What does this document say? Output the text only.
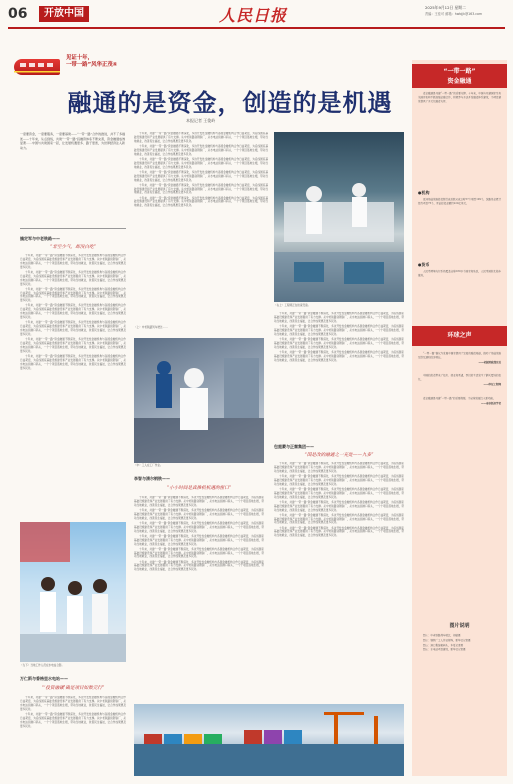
06	开放中国	人民日报	2025年9月12日 星期二
责编：王佳可 邮箱：hwbjjk@163.com
见证十年，
一带一路”风华正茂④
融通的是资金，创造的是机遇
本报记者 王俊岭
一度要资金，一度要服务，一度要基建——“一带一路”合作的推进，并不了多描述——十年来，从点到线，共建“一带一路”投融资体系不断完善，资金融通成效显著……中国与共建国家一起，让发展机遇更多、路子更宽，为世界经济注入新动力。
搞定军与中老铁路——
“非空少气，却没白吃”

十年来，共建“一带一路”资金融通不断深化，多边开发性金融机构与各国金融机构合作日益紧密，为沿线国家基础设施建设和产业发展提供了有力支撑。从中老铁路到钢铁厂，从水电站到港口码头，一个个项目落地生根，带动当地就业，改善民生福祉，让合作成果惠及更多民众。

十年来，共建“一带一路”资金融通不断深化，多边开发性金融机构与各国金融机构合作日益紧密，为沿线国家基础设施建设和产业发展提供了有力支撑。从中老铁路到钢铁厂，从水电站到港口码头，一个个项目落地生根，带动当地就业，改善民生福祉，让合作成果惠及更多民众。

十年来，共建“一带一路”资金融通不断深化，多边开发性金融机构与各国金融机构合作日益紧密，为沿线国家基础设施建设和产业发展提供了有力支撑。从中老铁路到钢铁厂，从水电站到港口码头，一个个项目落地生根，带动当地就业，改善民生福祉，让合作成果惠及更多民众。

十年来，共建“一带一路”资金融通不断深化，多边开发性金融机构与各国金融机构合作日益紧密，为沿线国家基础设施建设和产业发展提供了有力支撑。从中老铁路到钢铁厂，从水电站到港口码头，一个个项目落地生根，带动当地就业，改善民生福祉，让合作成果惠及更多民众。

十年来，共建“一带一路”资金融通不断深化，多边开发性金融机构与各国金融机构合作日益紧密，为沿线国家基础设施建设和产业发展提供了有力支撑。从中老铁路到钢铁厂，从水电站到港口码头，一个个项目落地生根，带动当地就业，改善民生福祉，让合作成果惠及更多民众。

十年来，共建“一带一路”资金融通不断深化，多边开发性金融机构与各国金融机构合作日益紧密，为沿线国家基础设施建设和产业发展提供了有力支撑。从中老铁路到钢铁厂，从水电站到港口码头，一个个项目落地生根，带动当地就业，改善民生福祉，让合作成果惠及更多民众。

十年来，共建“一带一路”资金融通不断深化，多边开发性金融机构与各国金融机构合作日益紧密，为沿线国家基础设施建设和产业发展提供了有力支撑。从中老铁路到钢铁厂，从水电站到港口码头，一个个项目落地生根，带动当地就业，改善民生福祉，让合作成果惠及更多民众。

十年来，共建“一带一路”资金融通不断深化，多边开发性金融机构与各国金融机构合作日益紧密，为沿线国家基础设施建设和产业发展提供了有力支撑。从中老铁路到钢铁厂，从水电站到港口码头，一个个项目落地生根，带动当地就业，改善民生福祉，让合作成果惠及更多民众。

十年来，共建“一带一路”资金融通不断深化，多边开发性金融机构与各国金融机构合作日益紧密，为沿线国家基础设施建设和产业发展提供了有力支撑。从中老铁路到钢铁厂，从水电站到港口码头，一个个项目落地生根，带动当地就业，改善民生福祉，让合作成果惠及更多民众。

十年来，共建“一带一路”资金融通不断深化，多边开发性金融机构与各国金融机构合作日益紧密，为沿线国家基础设施建设和产业发展提供了有力支撑。从中老铁路到钢铁厂，从水电站到港口码头，一个个项目落地生根，带动当地就业，改善民生福祉，让合作成果惠及更多民众。

十年来，共建“一带一路”资金融通不断深化，多边开发性金融机构与各国金融机构合作日益紧密，为沿线国家基础设施建设和产业发展提供了有力支撑。从中老铁路到钢铁厂，从水电站到港口码头，一个个项目落地生根，带动当地就业，改善民生福祉，让合作成果惠及更多民众。

十年来，共建“一带一路”资金融通不断深化，多边开发性金融机构与各国金融机构合作日益紧密，为沿线国家基础设施建设和产业发展提供了有力支撑。从中老铁路到钢铁厂，从水电站到港口码头，一个个项目落地生根，带动当地就业，改善民生福祉，让合作成果惠及更多民众。

十年来，共建“一带一路”资金融通不断深化，多边开发性金融机构与各国金融机构合作日益紧密，为沿线国家基础设施建设和产业发展提供了有力支撑。从中老铁路到钢铁厂，从水电站到港口码头，一个个项目落地生根，带动当地就业，改善民生福祉，让合作成果惠及更多民众。

（右上）工程师正在检查设备。
（中）工人在工厂作业。

十年来，共建“一带一路”资金融通不断深化，多边开发性金融机构与各国金融机构合作日益紧密，为沿线国家基础设施建设和产业发展提供了有力支撑。从中老铁路到钢铁厂，从水电站到港口码头，一个个项目落地生根，带动当地就业，改善民生福祉，让合作成果惠及更多民众。

十年来，共建“一带一路”资金融通不断深化，多边开发性金融机构与各国金融机构合作日益紧密，为沿线国家基础设施建设和产业发展提供了有力支撑。从中老铁路到钢铁厂，从水电站到港口码头，一个个项目落地生根，带动当地就业，改善民生福祉，让合作成果惠及更多民众。

十年来，共建“一带一路”资金融通不断深化，多边开发性金融机构与各国金融机构合作日益紧密，为沿线国家基础设施建设和产业发展提供了有力支撑。从中老铁路到钢铁厂，从水电站到港口码头，一个个项目落地生根，带动当地就业，改善民生福祉，让合作成果惠及更多民众。

十年来，共建“一带一路”资金融通不断深化，多边开发性金融机构与各国金融机构合作日益紧密，为沿线国家基础设施建设和产业发展提供了有力支撑。从中老铁路到钢铁厂，从水电站到港口码头，一个个项目落地生根，带动当地就业，改善民生福祉，让合作成果惠及更多民众。

包庭蒙与正秦集团——
“国是改的融通之一充处——九多”

十年来，共建“一带一路”资金融通不断深化，多边开发性金融机构与各国金融机构合作日益紧密，为沿线国家基础设施建设和产业发展提供了有力支撑。从中老铁路到钢铁厂，从水电站到港口码头，一个个项目落地生根，带动当地就业，改善民生福祉，让合作成果惠及更多民众。

十年来，共建“一带一路”资金融通不断深化，多边开发性金融机构与各国金融机构合作日益紧密，为沿线国家基础设施建设和产业发展提供了有力支撑。从中老铁路到钢铁厂，从水电站到港口码头，一个个项目落地生根，带动当地就业，改善民生福祉，让合作成果惠及更多民众。

十年来，共建“一带一路”资金融通不断深化，多边开发性金融机构与各国金融机构合作日益紧密，为沿线国家基础设施建设和产业发展提供了有力支撑。从中老铁路到钢铁厂，从水电站到港口码头，一个个项目落地生根，带动当地就业，改善民生福祉，让合作成果惠及更多民众。

十年来，共建“一带一路”资金融通不断深化，多边开发性金融机构与各国金融机构合作日益紧密，为沿线国家基础设施建设和产业发展提供了有力支撑。从中老铁路到钢铁厂，从水电站到港口码头，一个个项目落地生根，带动当地就业，改善民生福祉，让合作成果惠及更多民众。

十年来，共建“一带一路”资金融通不断深化，多边开发性金融机构与各国金融机构合作日益紧密，为沿线国家基础设施建设和产业发展提供了有力支撑。从中老铁路到钢铁厂，从水电站到港口码头，一个个项目落地生根，带动当地就业，改善民生福祉，让合作成果惠及更多民众。

十年来，共建“一带一路”资金融通不断深化，多边开发性金融机构与各国金融机构合作日益紧密，为沿线国家基础设施建设和产业发展提供了有力支撑。从中老铁路到钢铁厂，从水电站到港口码头，一个个项目落地生根，带动当地就业，改善民生福祉，让合作成果惠及更多民众。

李智与清尔钢铁——
“小小时间是真推机机遇的窗口”

十年来，共建“一带一路”资金融通不断深化，多边开发性金融机构与各国金融机构合作日益紧密，为沿线国家基础设施建设和产业发展提供了有力支撑。从中老铁路到钢铁厂，从水电站到港口码头，一个个项目落地生根，带动当地就业，改善民生福祉，让合作成果惠及更多民众。

十年来，共建“一带一路”资金融通不断深化，多边开发性金融机构与各国金融机构合作日益紧密，为沿线国家基础设施建设和产业发展提供了有力支撑。从中老铁路到钢铁厂，从水电站到港口码头，一个个项目落地生根，带动当地就业，改善民生福祉，让合作成果惠及更多民众。

十年来，共建“一带一路”资金融通不断深化，多边开发性金融机构与各国金融机构合作日益紧密，为沿线国家基础设施建设和产业发展提供了有力支撑。从中老铁路到钢铁厂，从水电站到港口码头，一个个项目落地生根，带动当地就业，改善民生福祉，让合作成果惠及更多民众。

十年来，共建“一带一路”资金融通不断深化，多边开发性金融机构与各国金融机构合作日益紧密，为沿线国家基础设施建设和产业发展提供了有力支撑。从中老铁路到钢铁厂，从水电站到港口码头，一个个项目落地生根，带动当地就业，改善民生福祉，让合作成果惠及更多民众。

十年来，共建“一带一路”资金融通不断深化，多边开发性金融机构与各国金融机构合作日益紧密，为沿线国家基础设施建设和产业发展提供了有力支撑。从中老铁路到钢铁厂，从水电站到港口码头，一个个项目落地生根，带动当地就业，改善民生福祉，让合作成果惠及更多民众。

十年来，共建“一带一路”资金融通不断深化，多边开发性金融机构与各国金融机构合作日益紧密，为沿线国家基础设施建设和产业发展提供了有力支撑。从中老铁路到钢铁厂，从水电站到港口码头，一个个项目落地生根，带动当地就业，改善民生福祉，让合作成果惠及更多民众。

（左下）当地工作人员在水电站合影。
万仁斯与香格里水电站——
“‘投资融碳’确是项目如数元行”

十年来，共建“一带一路”资金融通不断深化，多边开发性金融机构与各国金融机构合作日益紧密，为沿线国家基础设施建设和产业发展提供了有力支撑。从中老铁路到钢铁厂，从水电站到港口码头，一个个项目落地生根，带动当地就业，改善民生福祉，让合作成果惠及更多民众。

十年来，共建“一带一路”资金融通不断深化，多边开发性金融机构与各国金融机构合作日益紧密，为沿线国家基础设施建设和产业发展提供了有力支撑。从中老铁路到钢铁厂，从水电站到港口码头，一个个项目落地生根，带动当地就业，改善民生福祉，让合作成果惠及更多民众。

“一带一路”
资金融通

资金融通是共建“一带一路”的重要支撑。十年来，中国与共建国家及有关国家机构不断加强金融合作，积极参与多边开发融资体系建设，为项目建设提供了多元化融资支持。

●机构

亚洲基础设施投资银行成员数从成立时57个增至109个，丝路基金累计签约项目75个，承诺投资金额约220亿美元。

●货币

人民币跨境支付系统覆盖全球180多个国家和地区，人民币国际化稳步推进。

环球之声

“一带一路”倡议为发展中国家提供了宝贵的融资渠道，推动了基础设施互联互通和经济增长。

——老挝财政部官员

中国的投资带来了技术、就业和希望，我们的生活发生了翻天覆地的变化。

——印尼工程师

资金融通是共建“一带一路”的重要保障，为全球发展注入新动能。

——南非经济学者
图片说明

图①：中老铁路列车驶过，刘敏摄

图②：钢铁厂工人作业现场，新华社记者摄

图③：港口集装箱码头，本报记者摄

图④：水电站项目建设，新华社记者摄

（上）中老铁路列车驶过……
